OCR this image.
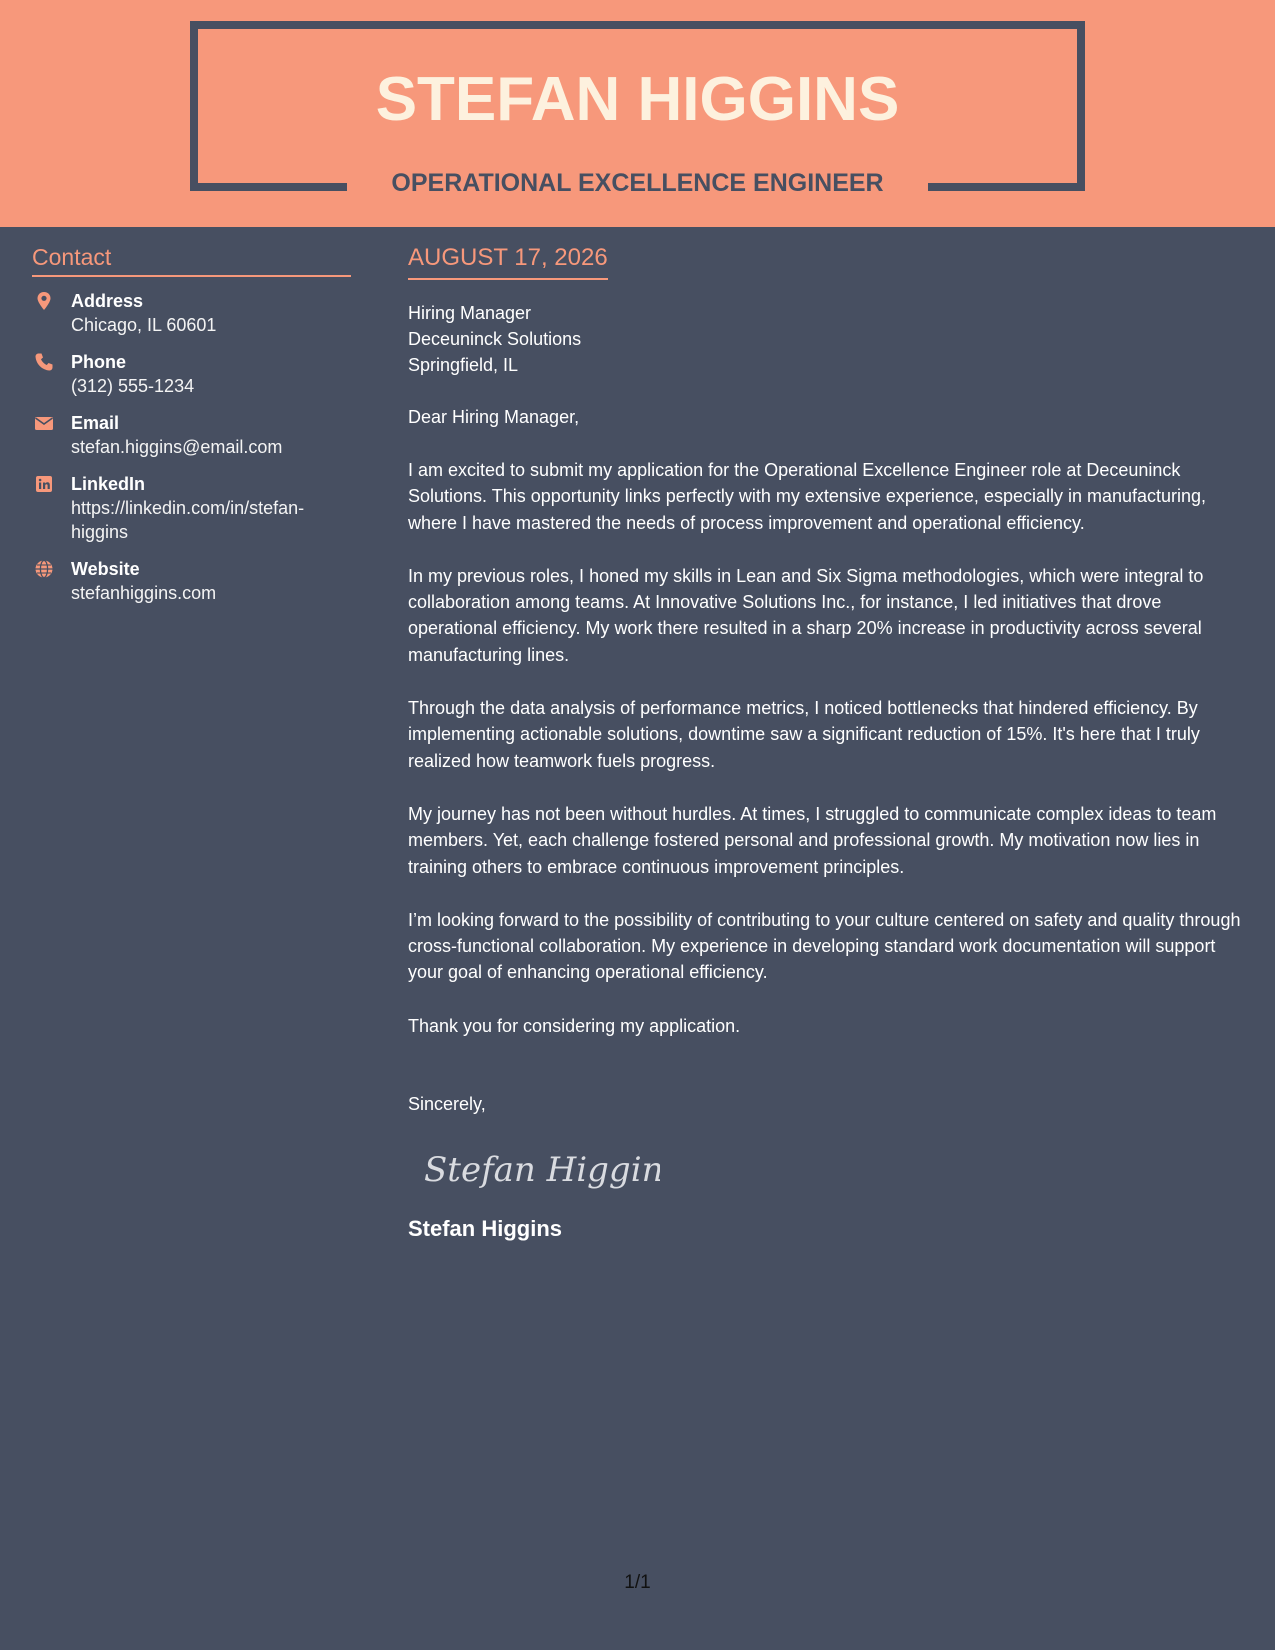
STEFAN HIGGINS
OPERATIONAL EXCELLENCE ENGINEER
Contact
Address
Chicago, IL 60601
Phone
(312) 555-1234
Email
stefan.higgins@email.com
LinkedIn
https://linkedin.com/in/stefan-higgins
Website
stefanhiggins.com
AUGUST 17, 2026
Hiring Manager
Deceuninck Solutions
Springfield, IL
Dear Hiring Manager,
I am excited to submit my application for the Operational Excellence Engineer role at Deceuninck Solutions. This opportunity links perfectly with my extensive experience, especially in manufacturing, where I have mastered the needs of process improvement and operational efficiency.
In my previous roles, I honed my skills in Lean and Six Sigma methodologies, which were integral to collaboration among teams. At Innovative Solutions Inc., for instance, I led initiatives that drove operational efficiency. My work there resulted in a sharp 20% increase in productivity across several manufacturing lines.
Through the data analysis of performance metrics, I noticed bottlenecks that hindered efficiency. By implementing actionable solutions, downtime saw a significant reduction of 15%. It's here that I truly realized how teamwork fuels progress.
My journey has not been without hurdles. At times, I struggled to communicate complex ideas to team members. Yet, each challenge fostered personal and professional growth. My motivation now lies in training others to embrace continuous improvement principles.
I’m looking forward to the possibility of contributing to your culture centered on safety and quality through cross-functional collaboration. My experience in developing standard work documentation will support your goal of enhancing operational efficiency.
Thank you for considering my application.
Sincerely,
Stefan Higgins
Stefan Higgins
1/1
